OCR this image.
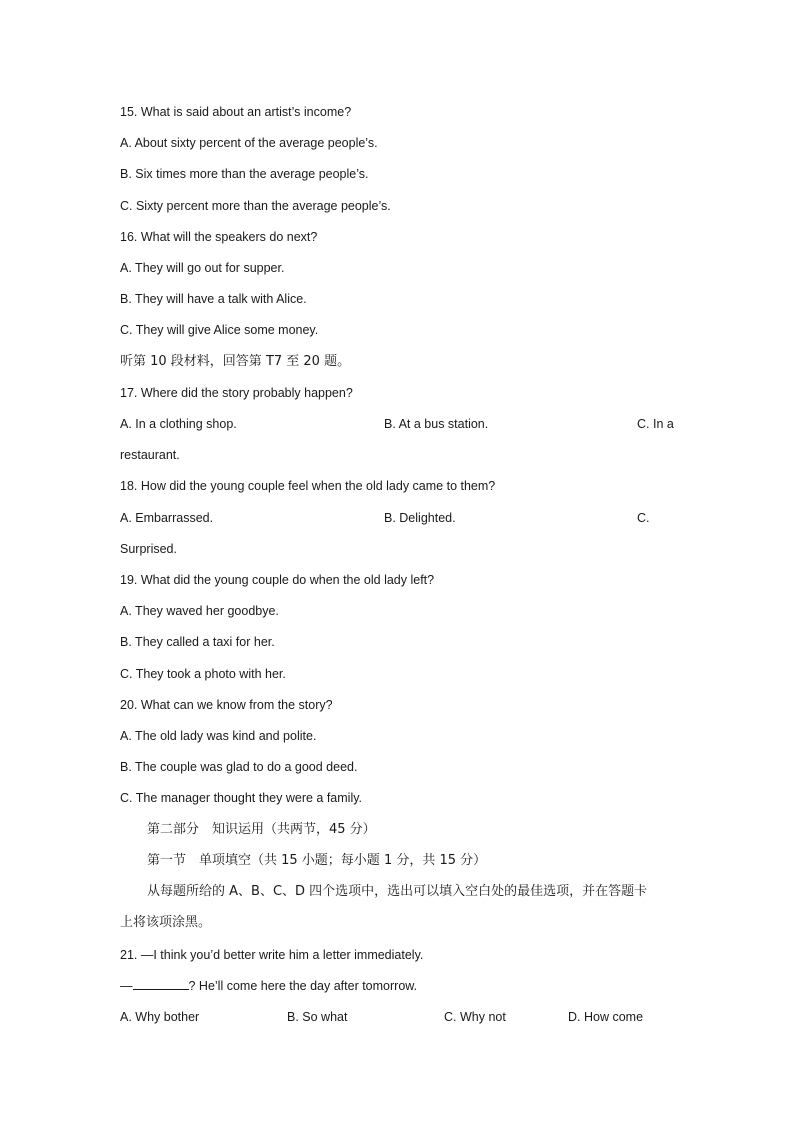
15. What is said about an artist’s income?
A. About sixty percent of the average people’s.
B. Six times more than the average people’s.
C. Sixty percent more than the average people’s.
16. What will the speakers do next?
A. They will go out for supper.
B. They will have a talk with Alice.
C. They will give Alice some money.
听第 10 段材料，回答第 T7 至 20 题。
17. Where did the story probably happen?
A. In a clothing shop.	B. At a bus station.	C. In a
restaurant.
18. How did the young couple feel when the old lady came to them?
A. Embarrassed.	B. Delighted.	C.
Surprised.
19. What did the young couple do when the old lady left?
A. They waved her goodbye.
B. They called a taxi for her.
C. They took a photo with her.
20. What can we know from the story?
A. The old lady was kind and polite.
B. The couple was glad to do a good deed.
C. The manager thought they were a family.
第二部分　知识运用（共两节，45 分）
第一节　单项填空（共 15 小题；每小题 1 分，共 15 分）
从每题所给的 A、B、C、D 四个选项中，选出可以填入空白处的最佳选项，并在答题卡
上将该项涂黑。
21. —I think you’d better write him a letter immediately.
—	? He’ll come here the day after tomorrow.
A. Why bother	B. So what	C. Why not	D. How come
